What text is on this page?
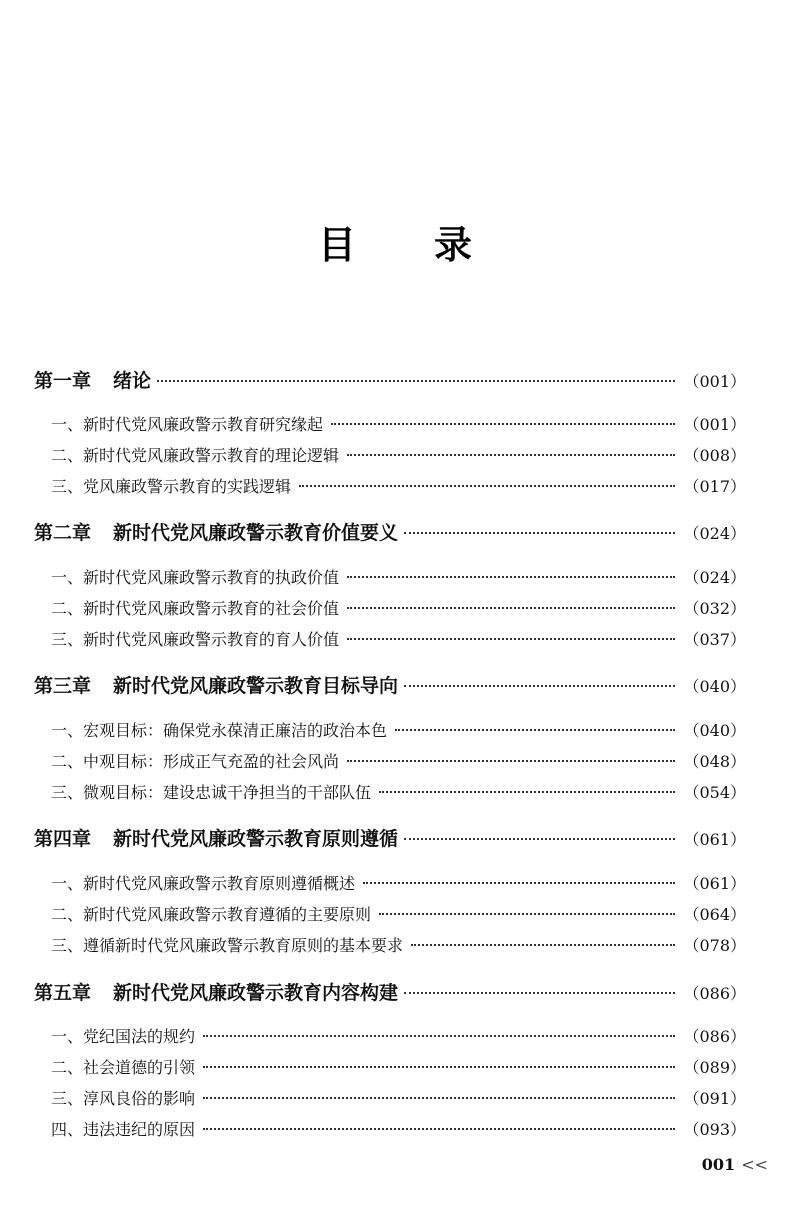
目 录
第一章 绪论	（001）
一、新时代党风廉政警示教育研究缘起	（001）
二、新时代党风廉政警示教育的理论逻辑	（008）
三、党风廉政警示教育的实践逻辑	（017）
第二章 新时代党风廉政警示教育价值要义	（024）
一、新时代党风廉政警示教育的执政价值	（024）
二、新时代党风廉政警示教育的社会价值	（032）
三、新时代党风廉政警示教育的育人价值	（037）
第三章 新时代党风廉政警示教育目标导向	（040）
一、宏观目标：确保党永葆清正廉洁的政治本色	（040）
二、中观目标：形成正气充盈的社会风尚	（048）
三、微观目标：建设忠诚干净担当的干部队伍	（054）
第四章 新时代党风廉政警示教育原则遵循	（061）
一、新时代党风廉政警示教育原则遵循概述	（061）
二、新时代党风廉政警示教育遵循的主要原则	（064）
三、遵循新时代党风廉政警示教育原则的基本要求	（078）
第五章 新时代党风廉政警示教育内容构建	（086）
一、党纪国法的规约	（086）
二、社会道德的引领	（089）
三、淳风良俗的影响	（091）
四、违法违纪的原因	（093）
001 <<
